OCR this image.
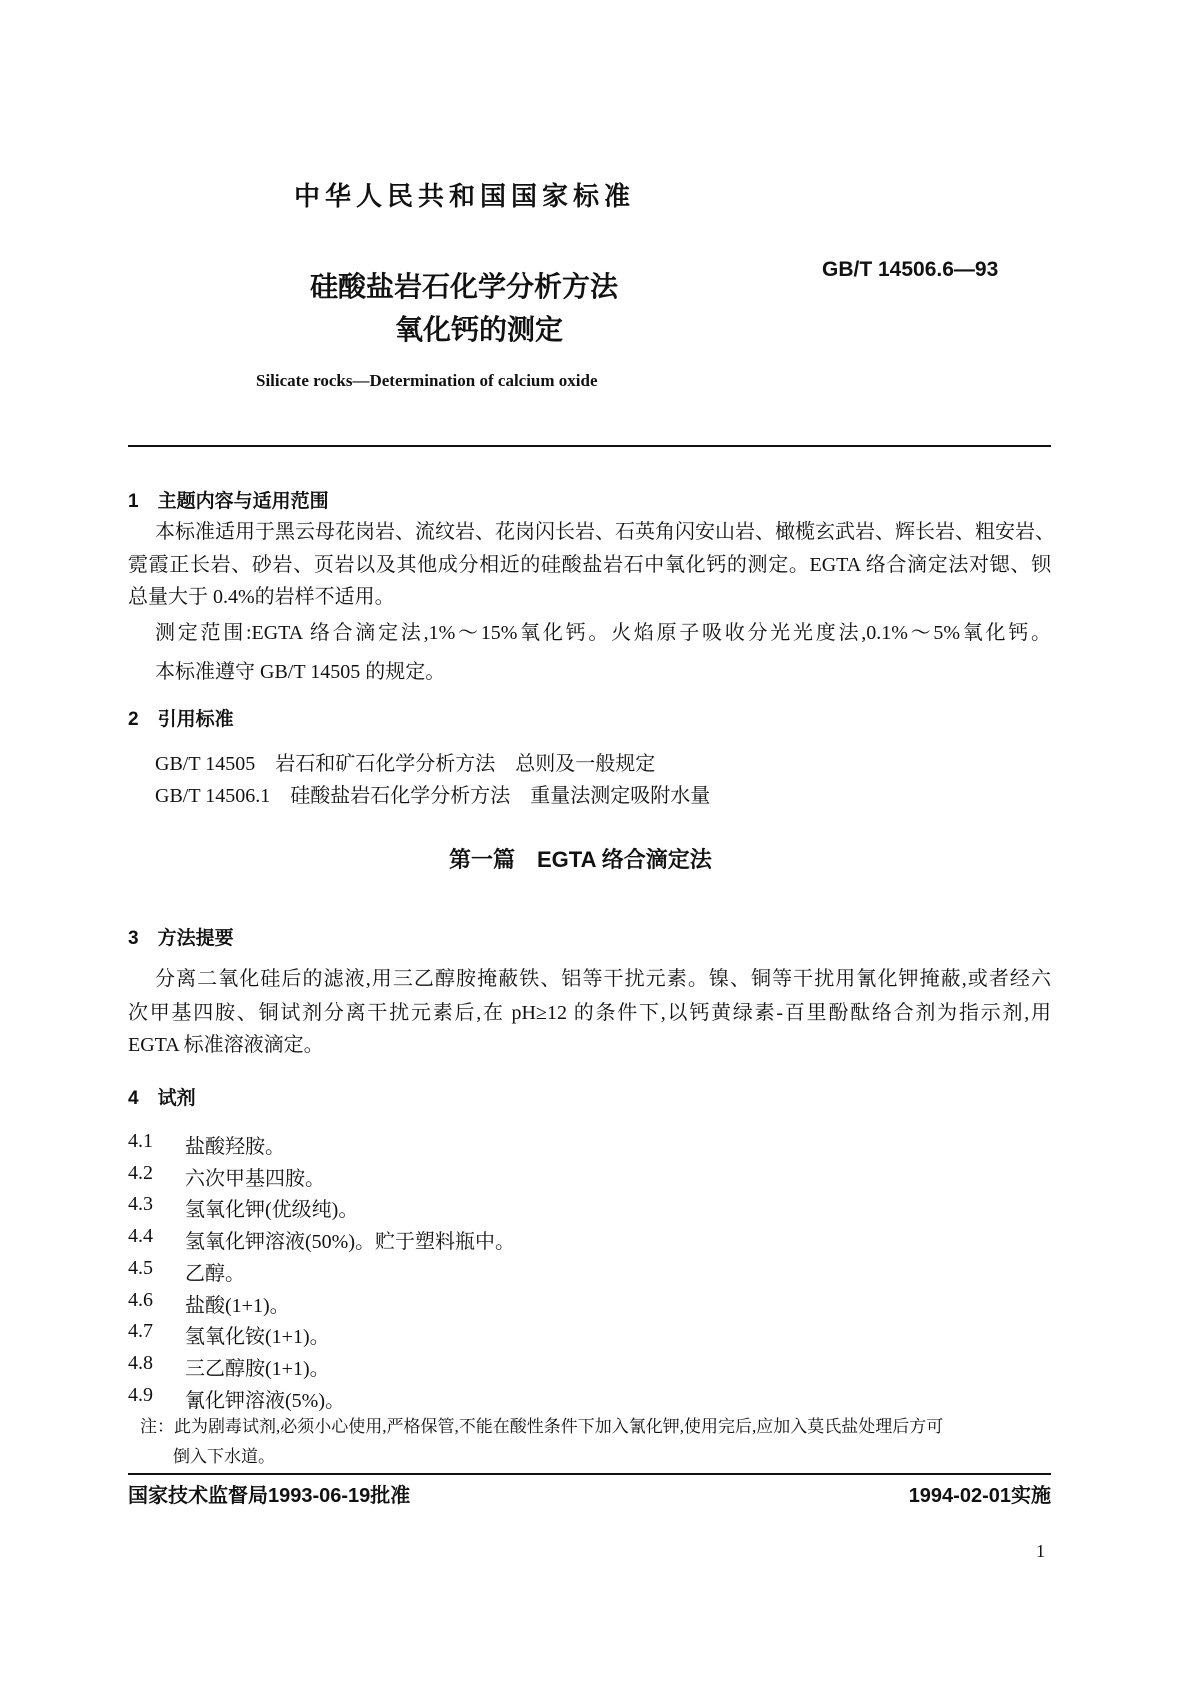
中华人民共和国国家标准
硅酸盐岩石化学分析方法
GB/T 14506.6—93
氧化钙的测定
Silicate rocks—Determination of calcium oxide
1　主题内容与适用范围
本标准适用于黑云母花岗岩、流纹岩、花岗闪长岩、石英角闪安山岩、橄榄玄武岩、辉长岩、粗安岩、
霓霞正长岩、砂岩、页岩以及其他成分相近的硅酸盐岩石中氧化钙的测定。EGTA 络合滴定法对锶、钡
总量大于 0.4%的岩样不适用。
测定范围:EGTA 络合滴定法,1%～15%氧化钙。火焰原子吸收分光光度法,0.1%～5%氧化钙。
本标准遵守 GB/T 14505 的规定。
2　引用标准
GB/T 14505　岩石和矿石化学分析方法　总则及一般规定
GB/T 14506.1　硅酸盐岩石化学分析方法　重量法测定吸附水量
第一篇　EGTA 络合滴定法
3　方法提要
分离二氧化硅后的滤液,用三乙醇胺掩蔽铁、铝等干扰元素。镍、铜等干扰用氰化钾掩蔽,或者经六
次甲基四胺、铜试剂分离干扰元素后,在 pH≥12 的条件下,以钙黄绿素-百里酚酞络合剂为指示剂,用
EGTA 标准溶液滴定。
4　试剂
4.1 盐酸羟胺。
4.2 六次甲基四胺。
4.3 氢氧化钾(优级纯)。
4.4 氢氧化钾溶液(50%)。贮于塑料瓶中。
4.5 乙醇。
4.6 盐酸(1+1)。
4.7 氢氧化铵(1+1)。
4.8 三乙醇胺(1+1)。
4.9 氰化钾溶液(5%)。
注：此为剧毒试剂,必须小心使用,严格保管,不能在酸性条件下加入氰化钾,使用完后,应加入莫氏盐处理后方可
倒入下水道。
国家技术监督局1993-06-19批准	1994-02-01实施
1
